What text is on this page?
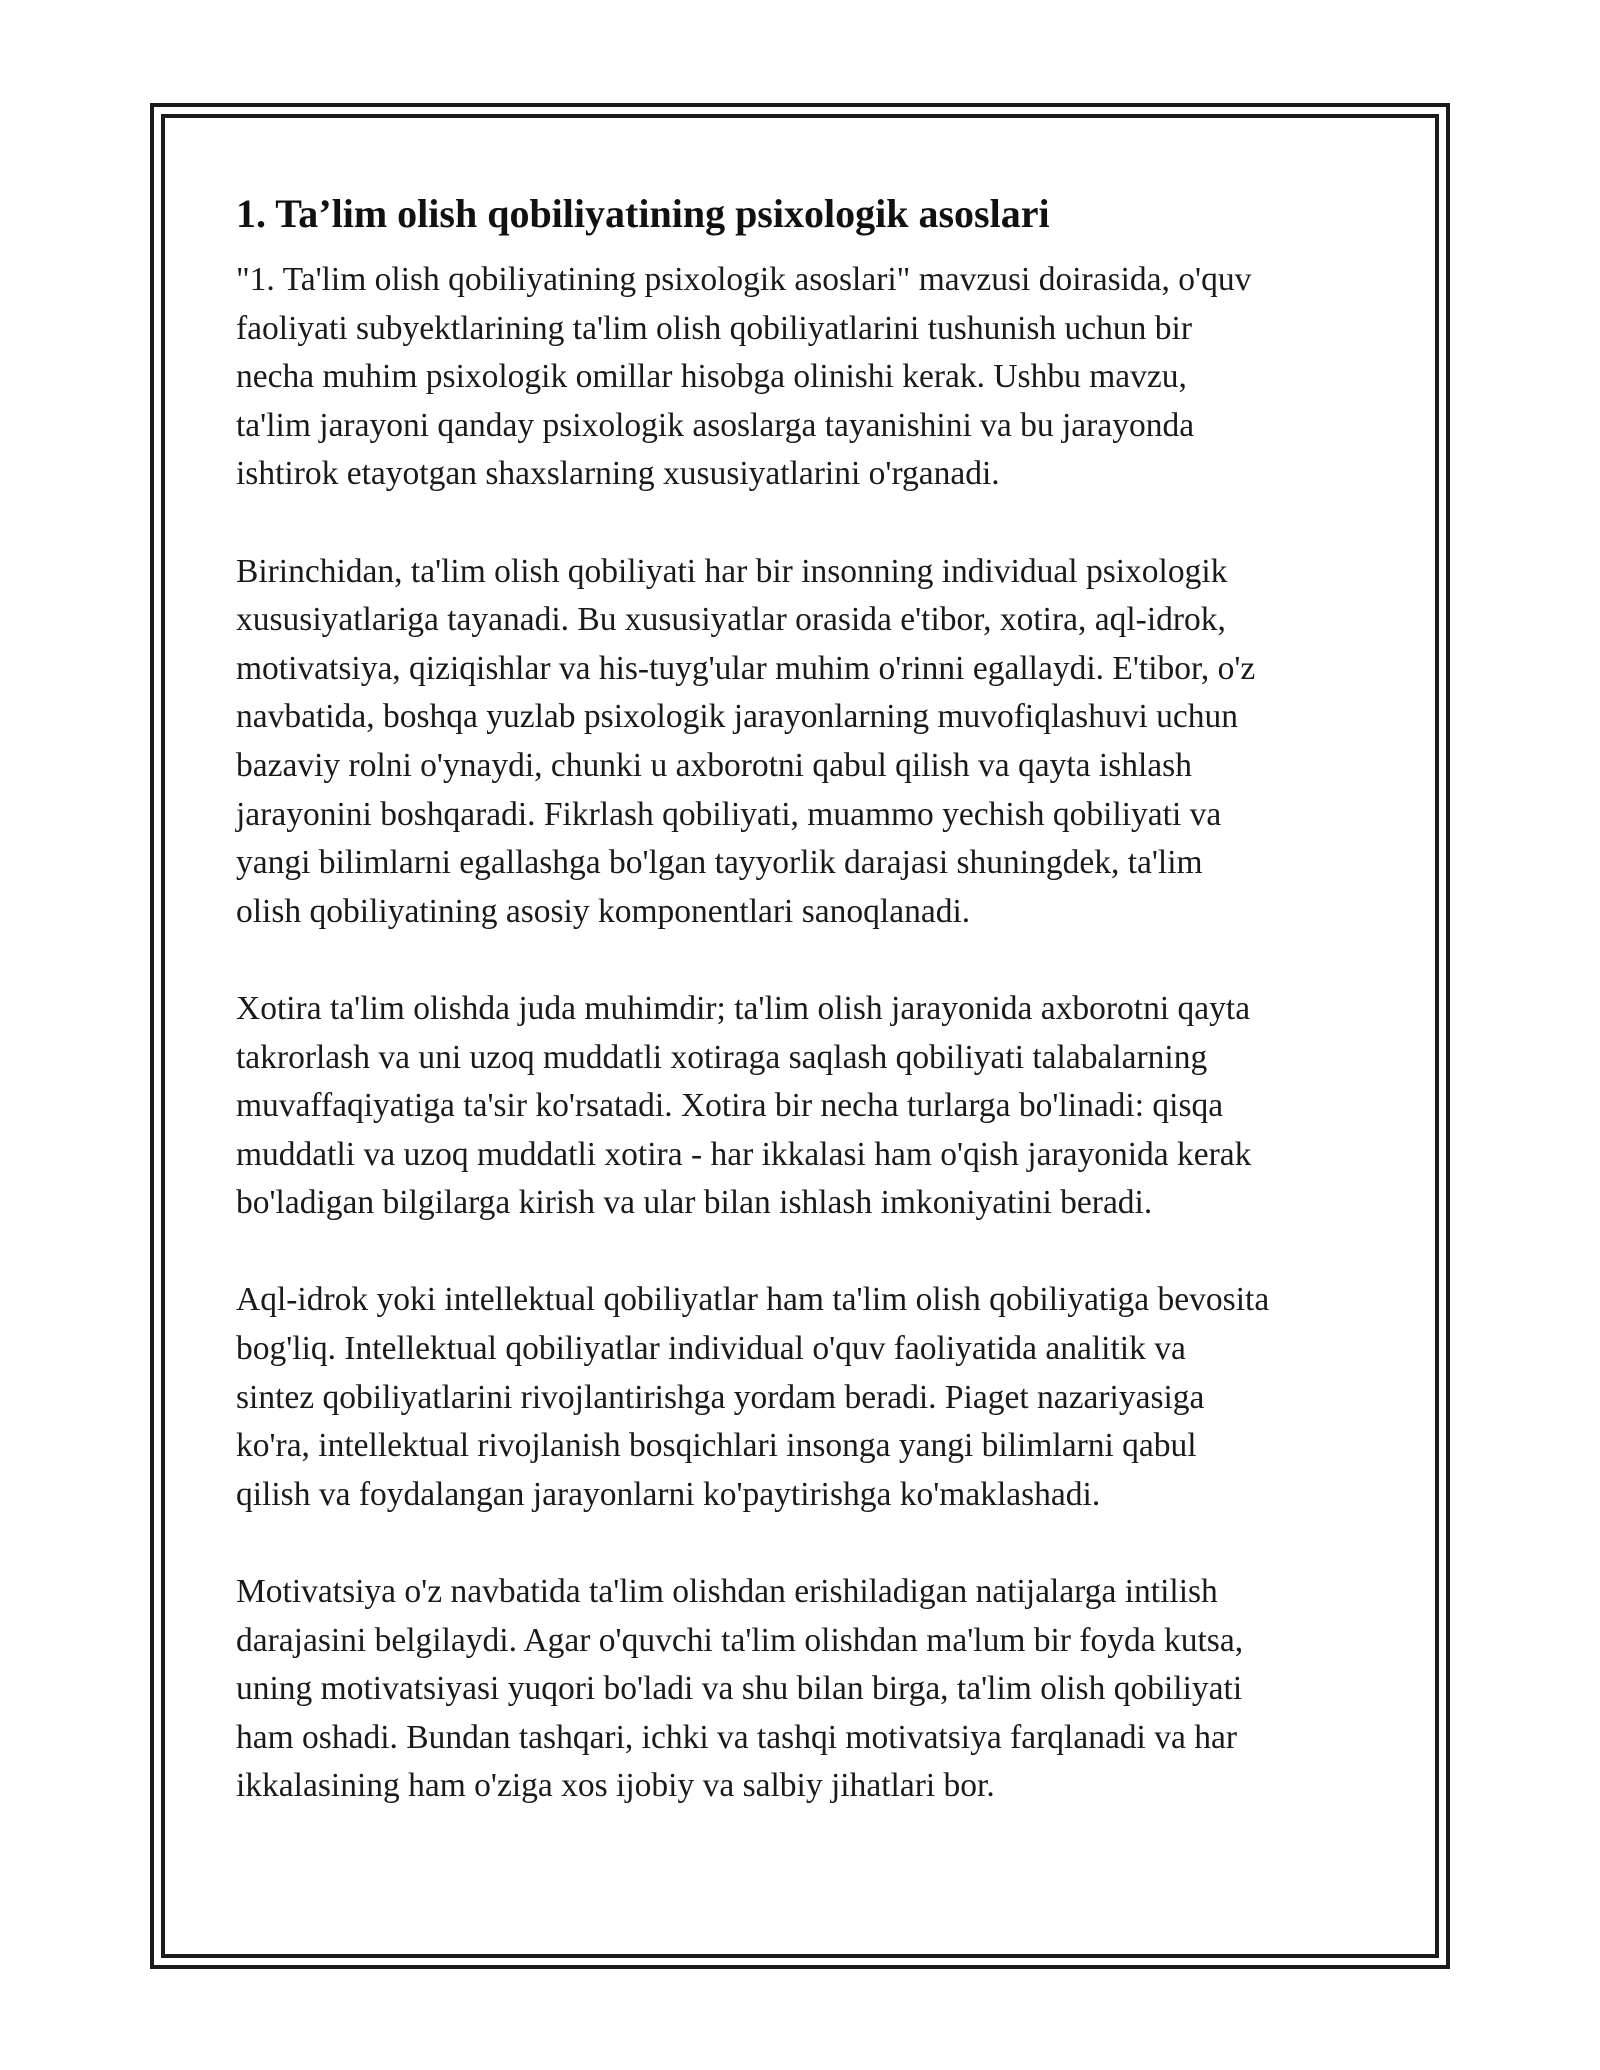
1. Ta’lim olish qobiliyatining psixologik asoslari

"1. Ta'lim olish qobiliyatining psixologik asoslari" mavzusi doirasida, o'quv
faoliyati subyektlarining ta'lim olish qobiliyatlarini tushunish uchun bir
necha muhim psixologik omillar hisobga olinishi kerak. Ushbu mavzu,
ta'lim jarayoni qanday psixologik asoslarga tayanishini va bu jarayonda
ishtirok etayotgan shaxslarning xususiyatlarini o'rganadi.

Birinchidan, ta'lim olish qobiliyati har bir insonning individual psixologik
xususiyatlariga tayanadi. Bu xususiyatlar orasida e'tibor, xotira, aql-idrok,
motivatsiya, qiziqishlar va his-tuyg'ular muhim o'rinni egallaydi. E'tibor, o'z
navbatida, boshqa yuzlab psixologik jarayonlarning muvofiqlashuvi uchun
bazaviy rolni o'ynaydi, chunki u axborotni qabul qilish va qayta ishlash
jarayonini boshqaradi. Fikrlash qobiliyati, muammo yechish qobiliyati va
yangi bilimlarni egallashga bo'lgan tayyorlik darajasi shuningdek, ta'lim
olish qobiliyatining asosiy komponentlari sanoqlanadi.

Xotira ta'lim olishda juda muhimdir; ta'lim olish jarayonida axborotni qayta
takrorlash va uni uzoq muddatli xotiraga saqlash qobiliyati talabalarning
muvaffaqiyatiga ta'sir ko'rsatadi. Xotira bir necha turlarga bo'linadi: qisqa
muddatli va uzoq muddatli xotira - har ikkalasi ham o'qish jarayonida kerak
bo'ladigan bilgilarga kirish va ular bilan ishlash imkoniyatini beradi.

Aql-idrok yoki intellektual qobiliyatlar ham ta'lim olish qobiliyatiga bevosita
bog'liq. Intellektual qobiliyatlar individual o'quv faoliyatida analitik va
sintez qobiliyatlarini rivojlantirishga yordam beradi. Piaget nazariyasiga
ko'ra, intellektual rivojlanish bosqichlari insonga yangi bilimlarni qabul
qilish va foydalangan jarayonlarni ko'paytirishga ko'maklashadi.

Motivatsiya o'z navbatida ta'lim olishdan erishiladigan natijalarga intilish
darajasini belgilaydi. Agar o'quvchi ta'lim olishdan ma'lum bir foyda kutsa,
uning motivatsiyasi yuqori bo'ladi va shu bilan birga, ta'lim olish qobiliyati
ham oshadi. Bundan tashqari, ichki va tashqi motivatsiya farqlanadi va har
ikkalasining ham o'ziga xos ijobiy va salbiy jihatlari bor.
